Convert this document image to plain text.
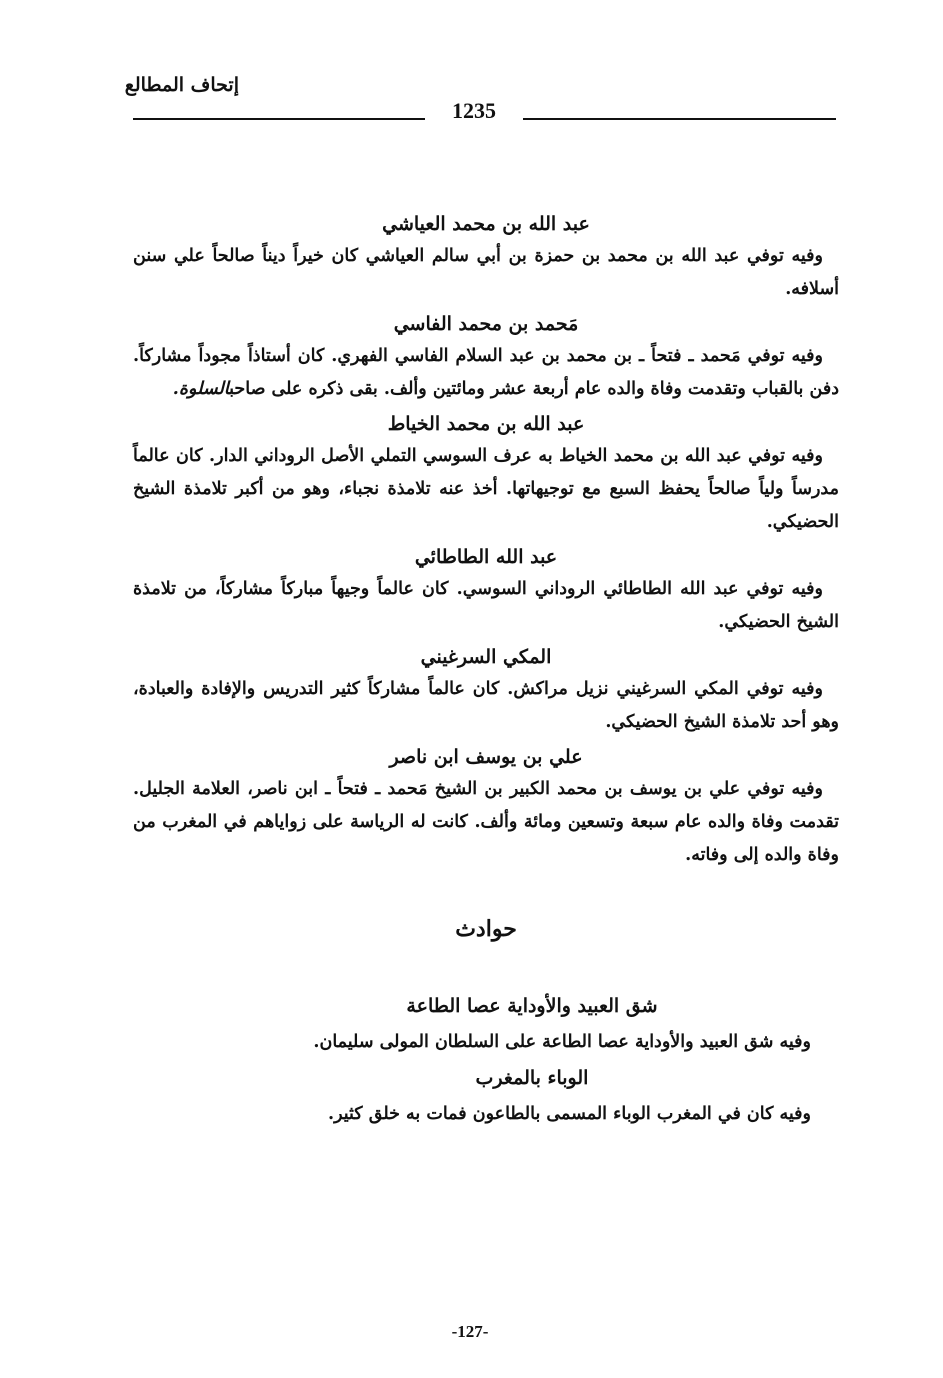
إتحاف المطالع
1235

عبد الله بن محمد العياشي

وفيه توفي عبد الله بن محمد بن حمزة بن أبي سالم العياشي كان خيراً ديناً صالحاً علي سنن أسلافه.

مَحمد بن محمد الفاسي

وفيه توفي مَحمد ـ فتحاً ـ بن محمد بن عبد السلام الفاسي الفهري. كان أستاذاً مجوداً مشاركاً. دفن بالقباب وتقدمت وفاة والده عام أربعة عشر ومائتين وألف. بقى ذكره على صاحبالسلوة.

عبد الله بن محمد الخياط

وفيه توفي عبد الله بن محمد الخياط به عرف السوسي التملي الأصل الروداني الدار. كان عالماً مدرساً ولياً صالحاً يحفظ السبع مع توجيهاتها. أخذ عنه تلامذة نجباء، وهو من أكبر تلامذة الشيخ الحضيكي.

عبد الله الطاطائي

وفيه توفي عبد الله الطاطائي الروداني السوسي. كان عالماً وجيهاً مباركاً مشاركاً، من تلامذة الشيخ الحضيكي.

المكي السرغيني

وفيه توفي المكي السرغيني نزيل مراكش. كان عالماً مشاركاً كثير التدريس والإفادة والعبادة، وهو أحد تلامذة الشيخ الحضيكي.

علي بن يوسف ابن ناصر

وفيه توفي علي بن يوسف بن محمد الكبير بن الشيخ مَحمد ـ فتحاً ـ ابن ناصر، العلامة الجليل. تقدمت وفاة والده عام سبعة وتسعين ومائة وألف. كانت له الرياسة على زواياهم في المغرب من وفاة والده إلى وفاته.

حوادث

شق العبيد والأوداية عصا الطاعة

وفيه شق العبيد والأوداية عصا الطاعة على السلطان المولى سليمان.

الوباء بالمغرب

وفيه كان في المغرب الوباء المسمى بالطاعون فمات به خلق كثير.

-127-
